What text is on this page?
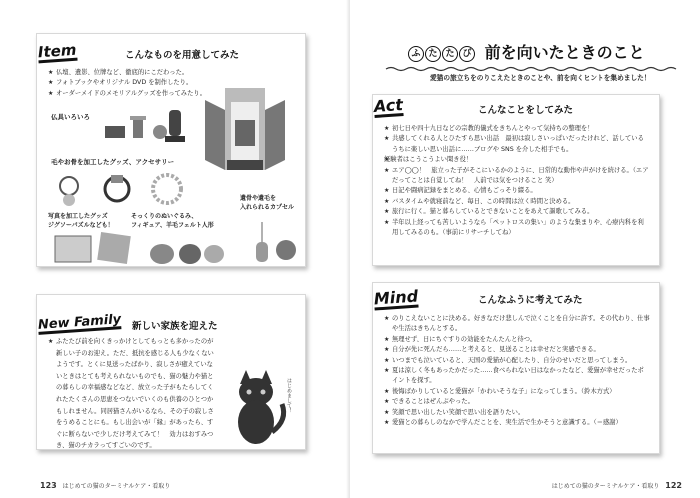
Item	こんなものを用意してみた
★ 仏壇、遺影、位牌など、徹底的にこだわった。
★ フォトブックやオリジナル DVD を制作したり。
★ オーダーメイドのメモリアルグッズを作ってみたり。
仏具いろいろ
毛やお骨を加工したグッズ、アクセサリー
写真を加工したグッズ
ジグソーパズルなども！
そっくりのぬいぐるみ、
フィギュア、羊毛フェルト人形
遺骨や遺毛を
入れられるカプセル
New Family 新しい家族を迎えた
★ ふたたび前を向くきっかけとしてもっとも多かったのが新しい子のお迎え。ただ、抵抗を感じる人も少なくないようです。とくに見送ったばかり、寂しさが癒えていないときはとても考えられないものでも、猫の魅力や猫との暮らしの幸福感などなど、放立った子がもたらしてくれたたくさんの思恵をつないでいくのも供養のひとつかもしれません。同居猫さんがいるなら、その子の寂しさをうめることにも。もし出会いが「縁」があったら、すぐに断らないで少しだけ考えてみて！　効力はおすみつき、猫のチカラってすごいのです。
はじめまして！
123 はじめての猫のターミナルケア・看取り
ふ た た び 前を向いたときのこと
愛猫の旅立ちをのりこえたときのことや、前を向くヒントを集めました！
Act	こんなことをしてみた
★ 初七日や四十九日などの宗教的儀式をきちんとやって気持ちの整理を！
★ 共感してくれる人とひたすら思い出話　最初は寂しさいっぱいだったけれど、話しているうちに楽しい思い出話に……ブログや SNS を介した相手でも。
★ 経験者はこうこうよい聞き役！
★ エア◯◯！　旅立った子がそこにいるかのように、日常的な動作や声がけを続ける。（エアだってことは自覚してね！　人前では気をつけること 笑）
★ 日記や闘病記録をまとめる、心情もごっそり綴る。
★ バスタイムや就寝前など、毎日、この時間は泣く時間と決める。
★ 旅行に行く。猫と暮らしているとできないことをあえて謳歌してみる。
★ 半年以上経っても苦しいようなら「ペットロスの集い」のような集まりや、心療内科を利用してみるのも。（事前にリサーチしてね）
Mind	こんなふうに考えてみた
★ のりこえないことに決める。好きなだけ悲しんで泣くことを自分に許す。その代わり、仕事や生活はきちんとする。
★ 無理せず、日にちぐすりの効能をたんたんと待つ。
★ 自分が先に死んだら……と考えると、見送ることは幸せだと実感できる。
★ いつまでも泣いていると、天国の愛猫が心配したり、自分のせいだと思ってしまう。
★ 夏は涼しく冬もあったかだった……食べられない日はなかったなど、愛猫が幸せだったポイントを探す。
★ 後悔ばかりしていると愛猫が「かわいそうな子」になってしまう。（鈴木方式）
★ できることはぜんぶやった。
★ 笑顔で思い出したい笑顔で思い出を語りたい。
★ 愛猫との暮らしのなかで学んだことを、実生活で生かそうと意識する。（＝感謝）
はじめての猫のターミナルケア・看取り 122
